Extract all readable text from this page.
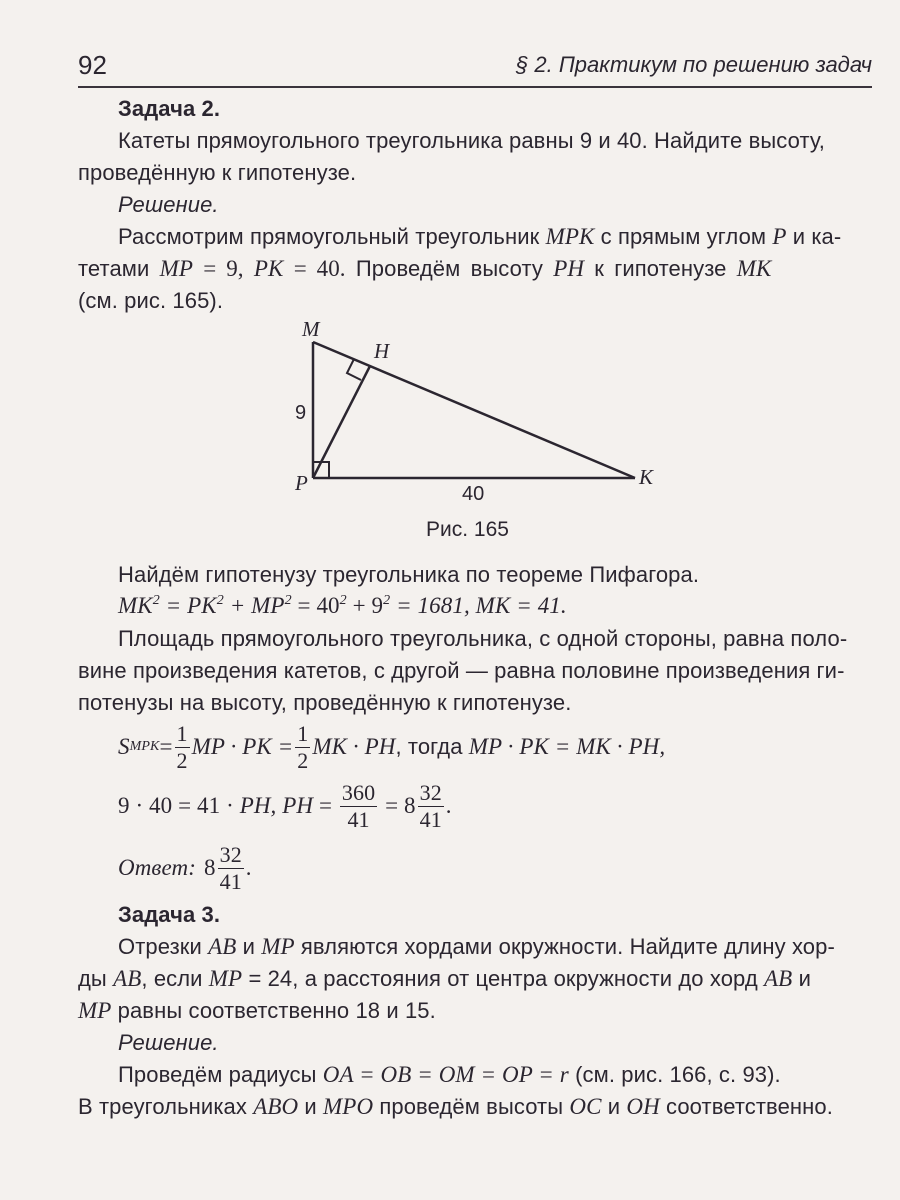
92	§ 2. Практикум по решению задач
Задача 2.
Катеты прямоугольного треугольника равны 9 и 40. Найдите высоту,
проведённую к гипотенузе.
Решение.
Рассмотрим прямоугольный треугольник MPK с прямым углом P и ка-
тетами MP = 9, PK = 40. Проведём высоту PH к гипотенузе MK
(см. рис. 165).
M
H
P	K
9
40
Рис. 165
Найдём гипотенузу треугольника по теореме Пифагора.
$MK^2 = PK^2 + MP^2 = 40^2 + 9^2 = 1681$, MK = 41.
Площадь прямоугольного треугольника, с одной стороны, равна поло-
вине произведения катетов, с другой — равна половине произведения ги-
потенузы на высоту, проведённую к гипотенузе.
S MPK = $\frac{1}{2}$ MP · PK = $\frac{1}{2}$ MK · PH , тогда MP · PK = MK · PH,
9 · 40 = 41 · PH, PH = $\frac{360}{41} = 8 \frac{32}{41}$ .
Ответ: $8 \frac{32}{41}$ .
Задача 3.
Отрезки AB и MP являются хордами окружности. Найдите длину хор-
ды AB, если MP = 24, а расстояния от центра окружности до хорд AB и
MP равны соответственно 18 и 15.
Решение.
Проведём радиусы OA = OB = OM = OP = r (см. рис. 166, с. 93).
В треугольниках ABO и MPO проведём высоты OC и OH соответственно.
